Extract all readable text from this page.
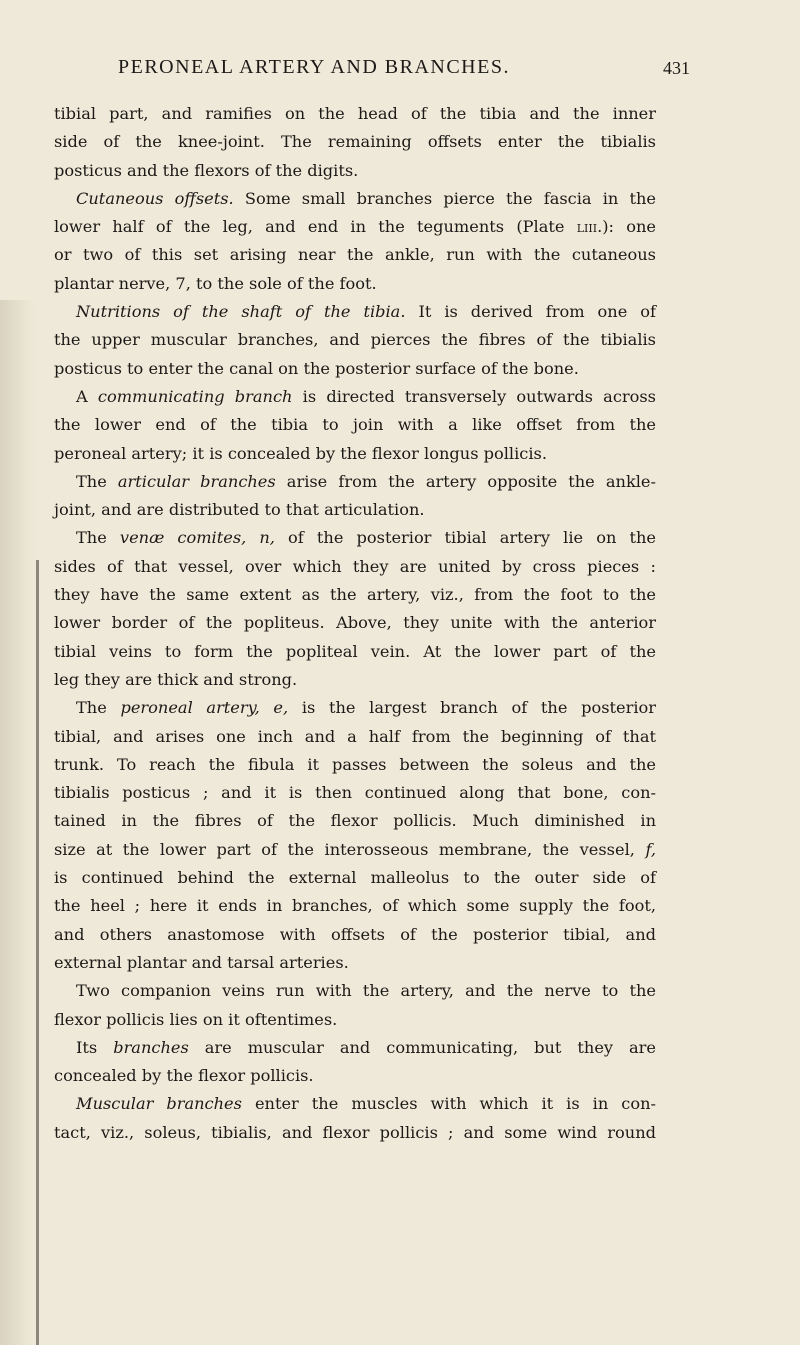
PERONEAL ARTERY AND BRANCHES.	431
tibial part, and ramifies on the head of the tibia and the inner
side of the knee-joint. The remaining offsets enter the tibialis
posticus and the flexors of the digits.
Cutaneous offsets. Some small branches pierce the fascia in the
lower half of the leg, and end in the teguments (Plate liii.): one
or two of this set arising near the ankle, run with the cutaneous
plantar nerve, 7, to the sole of the foot.
Nutritions of the shaft of the tibia. It is derived from one of
the upper muscular branches, and pierces the fibres of the tibialis
posticus to enter the canal on the posterior surface of the bone.
A communicating branch is directed transversely outwards across
the lower end of the tibia to join with a like offset from the
peroneal artery; it is concealed by the flexor longus pollicis.
The articular branches arise from the artery opposite the ankle-
joint, and are distributed to that articulation.
The venæ comites, n, of the posterior tibial artery lie on the
sides of that vessel, over which they are united by cross pieces :
they have the same extent as the artery, viz., from the foot to the
lower border of the popliteus. Above, they unite with the anterior
tibial veins to form the popliteal vein. At the lower part of the
leg they are thick and strong.
The peroneal artery, e, is the largest branch of the posterior
tibial, and arises one inch and a half from the beginning of that
trunk. To reach the fibula it passes between the soleus and the
tibialis posticus ; and it is then continued along that bone, con-
tained in the fibres of the flexor pollicis. Much diminished in
size at the lower part of the interosseous membrane, the vessel, f,
is continued behind the external malleolus to the outer side of
the heel ; here it ends in branches, of which some supply the foot,
and others anastomose with offsets of the posterior tibial, and
external plantar and tarsal arteries.
Two companion veins run with the artery, and the nerve to the
flexor pollicis lies on it oftentimes.
Its branches are muscular and communicating, but they are
concealed by the flexor pollicis.
Muscular branches enter the muscles with which it is in con-
tact, viz., soleus, tibialis, and flexor pollicis ; and some wind round
